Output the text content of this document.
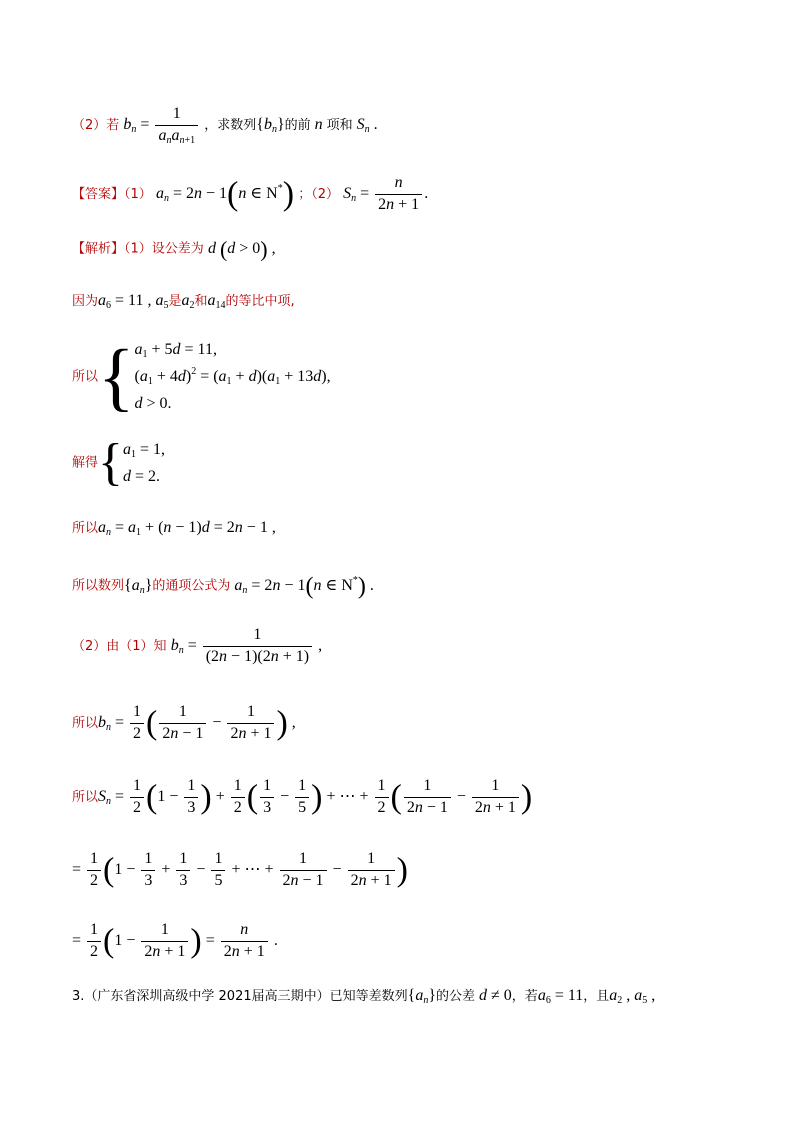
（2）若 $b_n = \frac{1}{a_na_{n+1}}$ ，求数列$\{b_n\}$的前 n 项和 $S_n$ .
【答案】（1） $a_n = 2n - 1(n$ ∈ N*) ；（2） $S_n = \frac{n}{2n + 1}$ .
【解析】（1）设公差为 d (d > 0) ,
因为$a_6 = 11$ , $a_5$是$a_2$和$a_{14}$的等比中项,
所以{$a_1 + 5d = 11$,
$(a_1 + 4d)^2 = (a_1 + d)(a_1 + 13d)$,
d > 0.
解得{$a_1 = 1$,
d = 2.
所以$a_n = a_1 + (n - 1)d = 2n - 1$ ,
所以数列$\{a_n\}$的通项公式为 $a_n = 2n - 1(n$ ∈ N*) .
（2）由（1）知 $b_n = \frac{1}{(2n - 1)(2n + 1)}$ ,
所以$b_n = \frac{1}{2}$ ( $\frac{1}{2n - 1} - \frac{1}{2n + 1}$ ) ,
所以$S_n = \frac{1}{2} (1 - \frac{1}{3}$ ) + $\frac{1}{2}$ ( $\frac{1}{3} - \frac{1}{5}$ ) + ⋯ + $\frac{1}{2}$ ( $\frac{1}{2n - 1} - \frac{1}{2n + 1}$ )
= $\frac{1}{2} (1 - \frac{1}{3} + \frac{1}{3} - \frac{1}{5}$ + ⋯ + $\frac{1}{2n - 1} - \frac{1}{2n + 1}$ )
= $\frac{1}{2} (1 - \frac{1}{2n + 1}$ ) = $\frac{n}{2n + 1}$ .
3.（广东省深圳高级中学 2021届高三期中）已知等差数列$\{a_n\}$的公差 d ≠ 0，若$a_6 = 11$，且$a_2$ , $a_5$ ,
